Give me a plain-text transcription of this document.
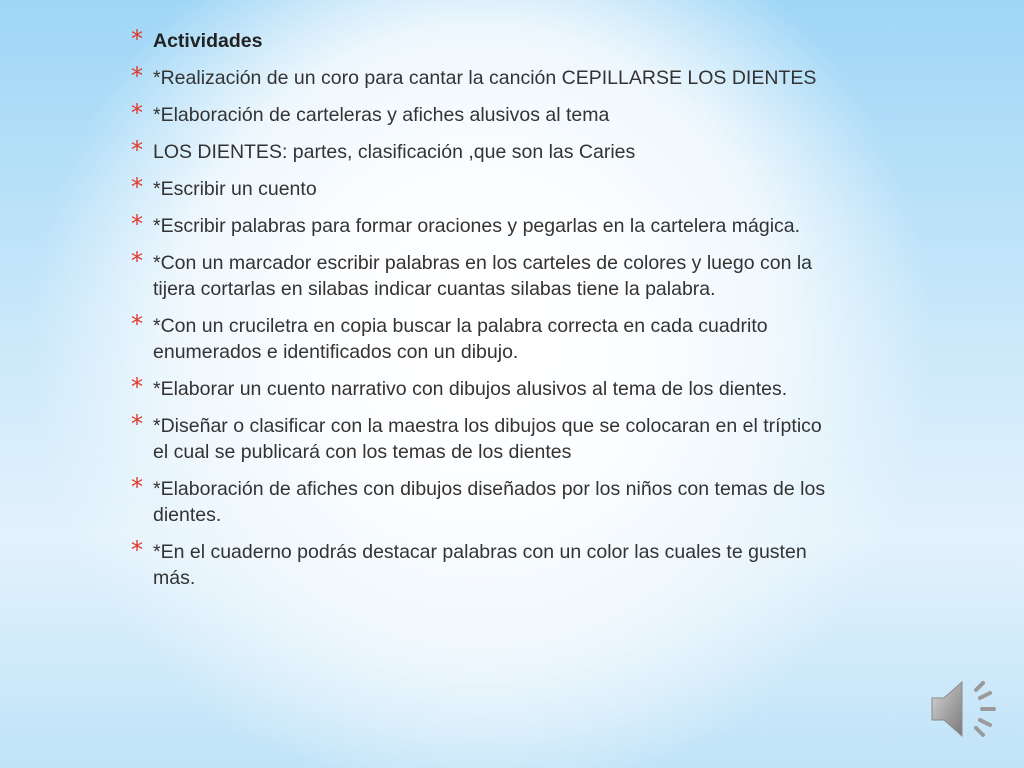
* Actividades
* *Realización de un coro para cantar la canción CEPILLARSE LOS DIENTES
* *Elaboración de carteleras y afiches alusivos al tema
* LOS DIENTES: partes, clasificación ,que son las Caries
* *Escribir un cuento
* *Escribir palabras para formar oraciones y pegarlas en la cartelera mágica.
* *Con un marcador escribir palabras en los carteles de colores y luego con la tijera cortarlas en silabas indicar cuantas silabas tiene la palabra.
* *Con un cruciletra en copia buscar la palabra correcta en cada cuadrito enumerados e identificados con un dibujo.
* *Elaborar un cuento narrativo con dibujos alusivos al tema de los dientes.
* *Diseñar o clasificar con la maestra los dibujos que se colocaran en el tríptico el cual se publicará con los temas de los dientes
* *Elaboración de afiches con dibujos diseñados por los niños con temas de los dientes.
* *En el cuaderno podrás destacar palabras con un color las cuales te gusten más.
